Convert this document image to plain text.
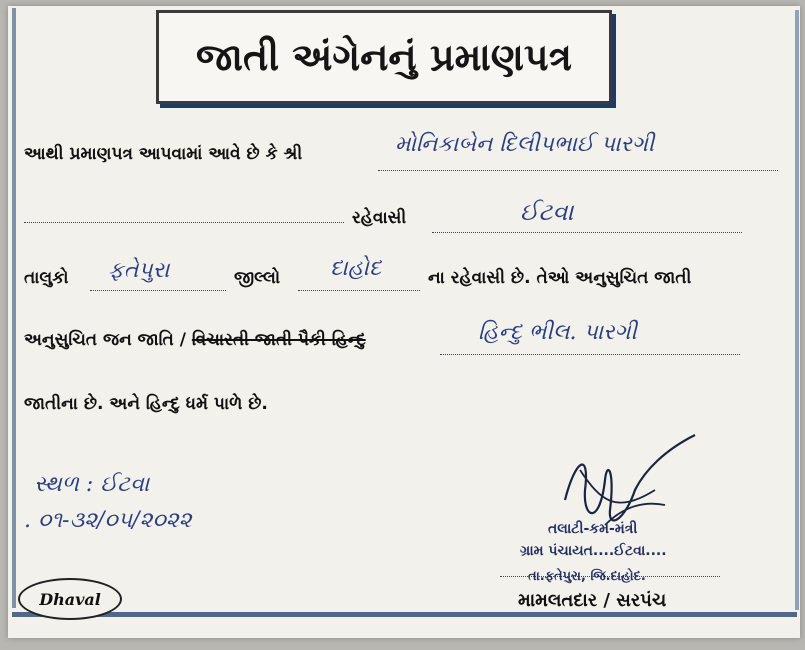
જાતી અંગેનનું પ્રમાણપત્ર
આથી પ્રમાણપત્ર આપવામાં આવે છે કે શ્રી	મોનિકાબેન દિલીપભાઈ પારગી
રહેવાસી	ઈટવા
તાલુકો ફતેપુરા	જીલ્લો દાહોદ	ના રહેવાસી છે. તેઓ અનુસુચિત જાતી
અનુસુચિત જન જાતિ / વિચારતી જાતી પૈકી હિન્દુ	હિન્દુ ભીલ. પારગી
જાતીના છે. અને હિન્દુ ધર્મ પાળે છે.
સ્થળ : ઈટવા
. ૦૧-૩૨/૦૫/૨૦૨૨	તલાટી-કમ-મંત્રી
ગ્રામ પંચાયત....ઈટવા....
તા.ફતેપુરા, જિ.દાહોદ.
મામલતદાર / સરપંચ
Dhaval
